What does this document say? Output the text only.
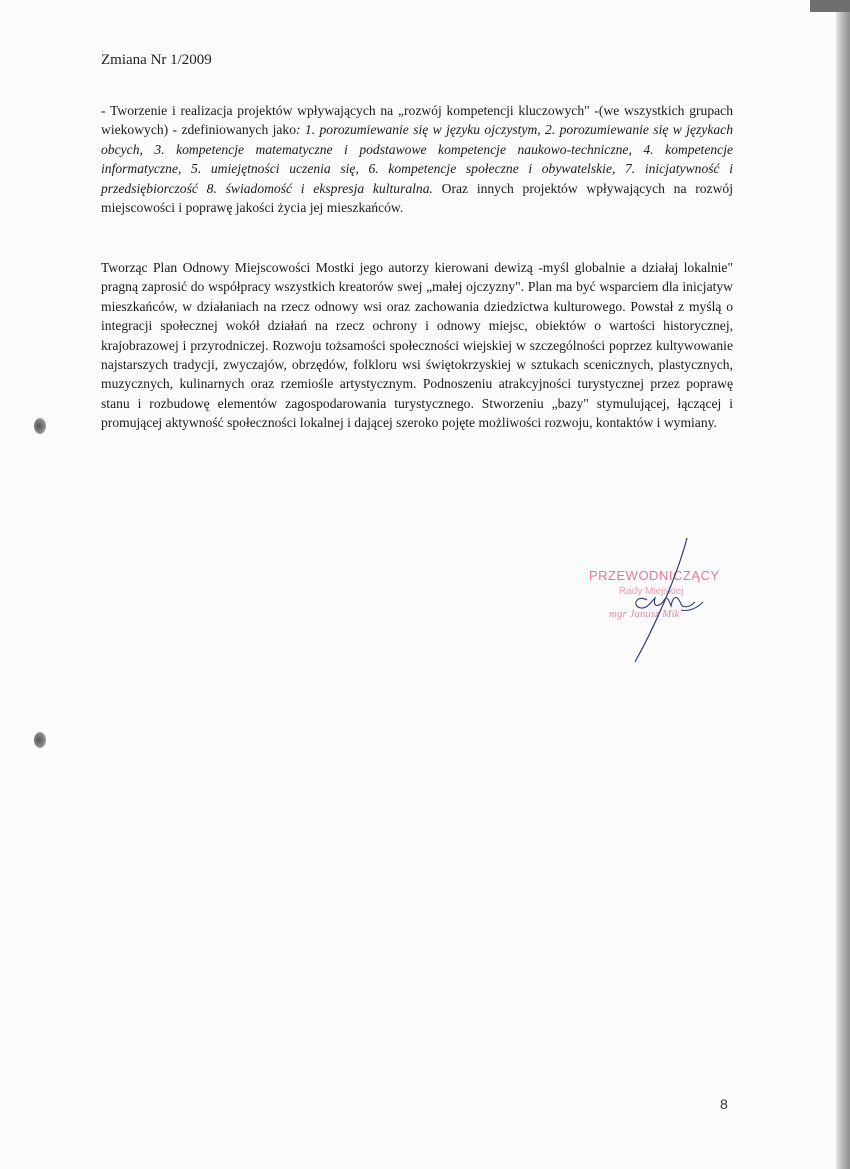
Zmiana Nr 1/2009
- Tworzenie i realizacja projektów wpływających na „rozwój kompetencji kluczowych" -(we wszystkich grupach wiekowych) - zdefiniowanych jako: 1. porozumiewanie się w języku ojczystym, 2. porozumiewanie się w językach obcych, 3. kompetencje matematyczne i podstawowe kompetencje naukowo-techniczne, 4. kompetencje informatyczne, 5. umiejętności uczenia się, 6. kompetencje społeczne i obywatelskie, 7. inicjatywność i przedsiębiorczość 8. świadomość i ekspresja kulturalna. Oraz innych projektów wpływających na rozwój miejscowości i poprawę jakości życia jej mieszkańców.
Tworząc Plan Odnowy Miejscowości Mostki jego autorzy kierowani dewizą -myśl globalnie a działaj lokalnie" pragną zaprosić do współpracy wszystkich kreatorów swej „małej ojczyzny". Plan ma być wsparciem dla inicjatyw mieszkańców, w działaniach na rzecz odnowy wsi oraz zachowania dziedzictwa kulturowego. Powstał z myślą o integracji społecznej wokół działań na rzecz ochrony i odnowy miejsc, obiektów o wartości historycznej, krajobrazowej i przyrodniczej. Rozwoju tożsamości społeczności wiejskiej w szczególności poprzez kultywowanie najstarszych tradycji, zwyczajów, obrzędów, folkloru wsi świętokrzyskiej w sztukach scenicznych, plastycznych, muzycznych, kulinarnych oraz rzemiośle artystycznym. Podnoszeniu atrakcyjności turystycznej przez poprawę stanu i rozbudowę elementów zagospodarowania turystycznego. Stworzeniu „bazy" stymulującej, łączącej i promującej aktywność społeczności lokalnej i dającej szeroko pojęte możliwości rozwoju, kontaktów i wymiany.
PRZEWODNICZĄCY
Rady Miejskiej
mgr Janusz Mik
8
